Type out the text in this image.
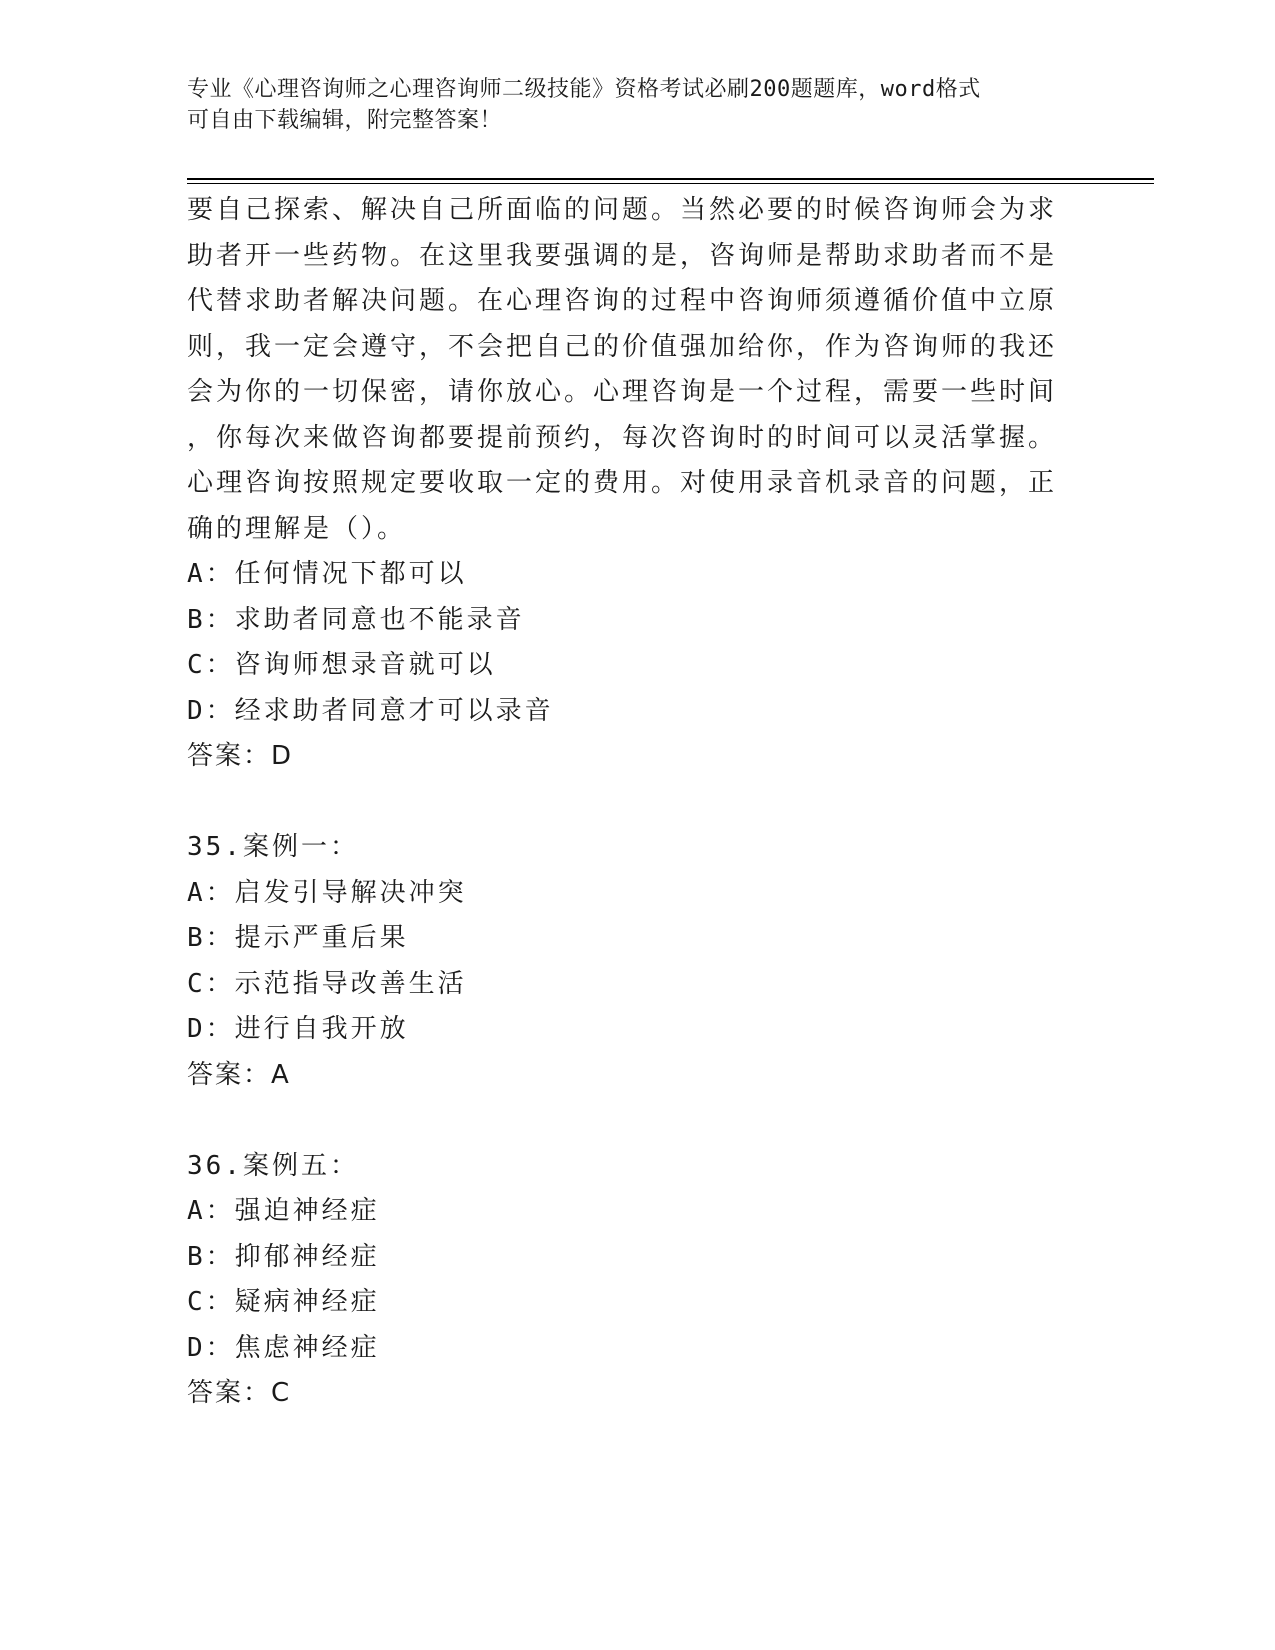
专业《心理咨询师之心理咨询师二级技能》资格考试必刷200题题库，word格式
可自由下载编辑，附完整答案！
要自己探索、解决自己所面临的问题。当然必要的时候咨询师会为求
助者开一些药物。在这里我要强调的是，咨询师是帮助求助者而不是
代替求助者解决问题。在心理咨询的过程中咨询师须遵循价值中立原
则，我一定会遵守，不会把自己的价值强加给你，作为咨询师的我还
会为你的一切保密，请你放心。心理咨询是一个过程，需要一些时间
，你每次来做咨询都要提前预约，每次咨询时的时间可以灵活掌握。
心理咨询按照规定要收取一定的费用。对使用录音机录音的问题，正
确的理解是（）。
A：任何情况下都可以
B：求助者同意也不能录音
C：咨询师想录音就可以
D：经求助者同意才可以录音
答案：D
35.案例一：
A：启发引导解决冲突
B：提示严重后果
C：示范指导改善生活
D：进行自我开放
答案：A
36.案例五：
A：强迫神经症
B：抑郁神经症
C：疑病神经症
D：焦虑神经症
答案：C
